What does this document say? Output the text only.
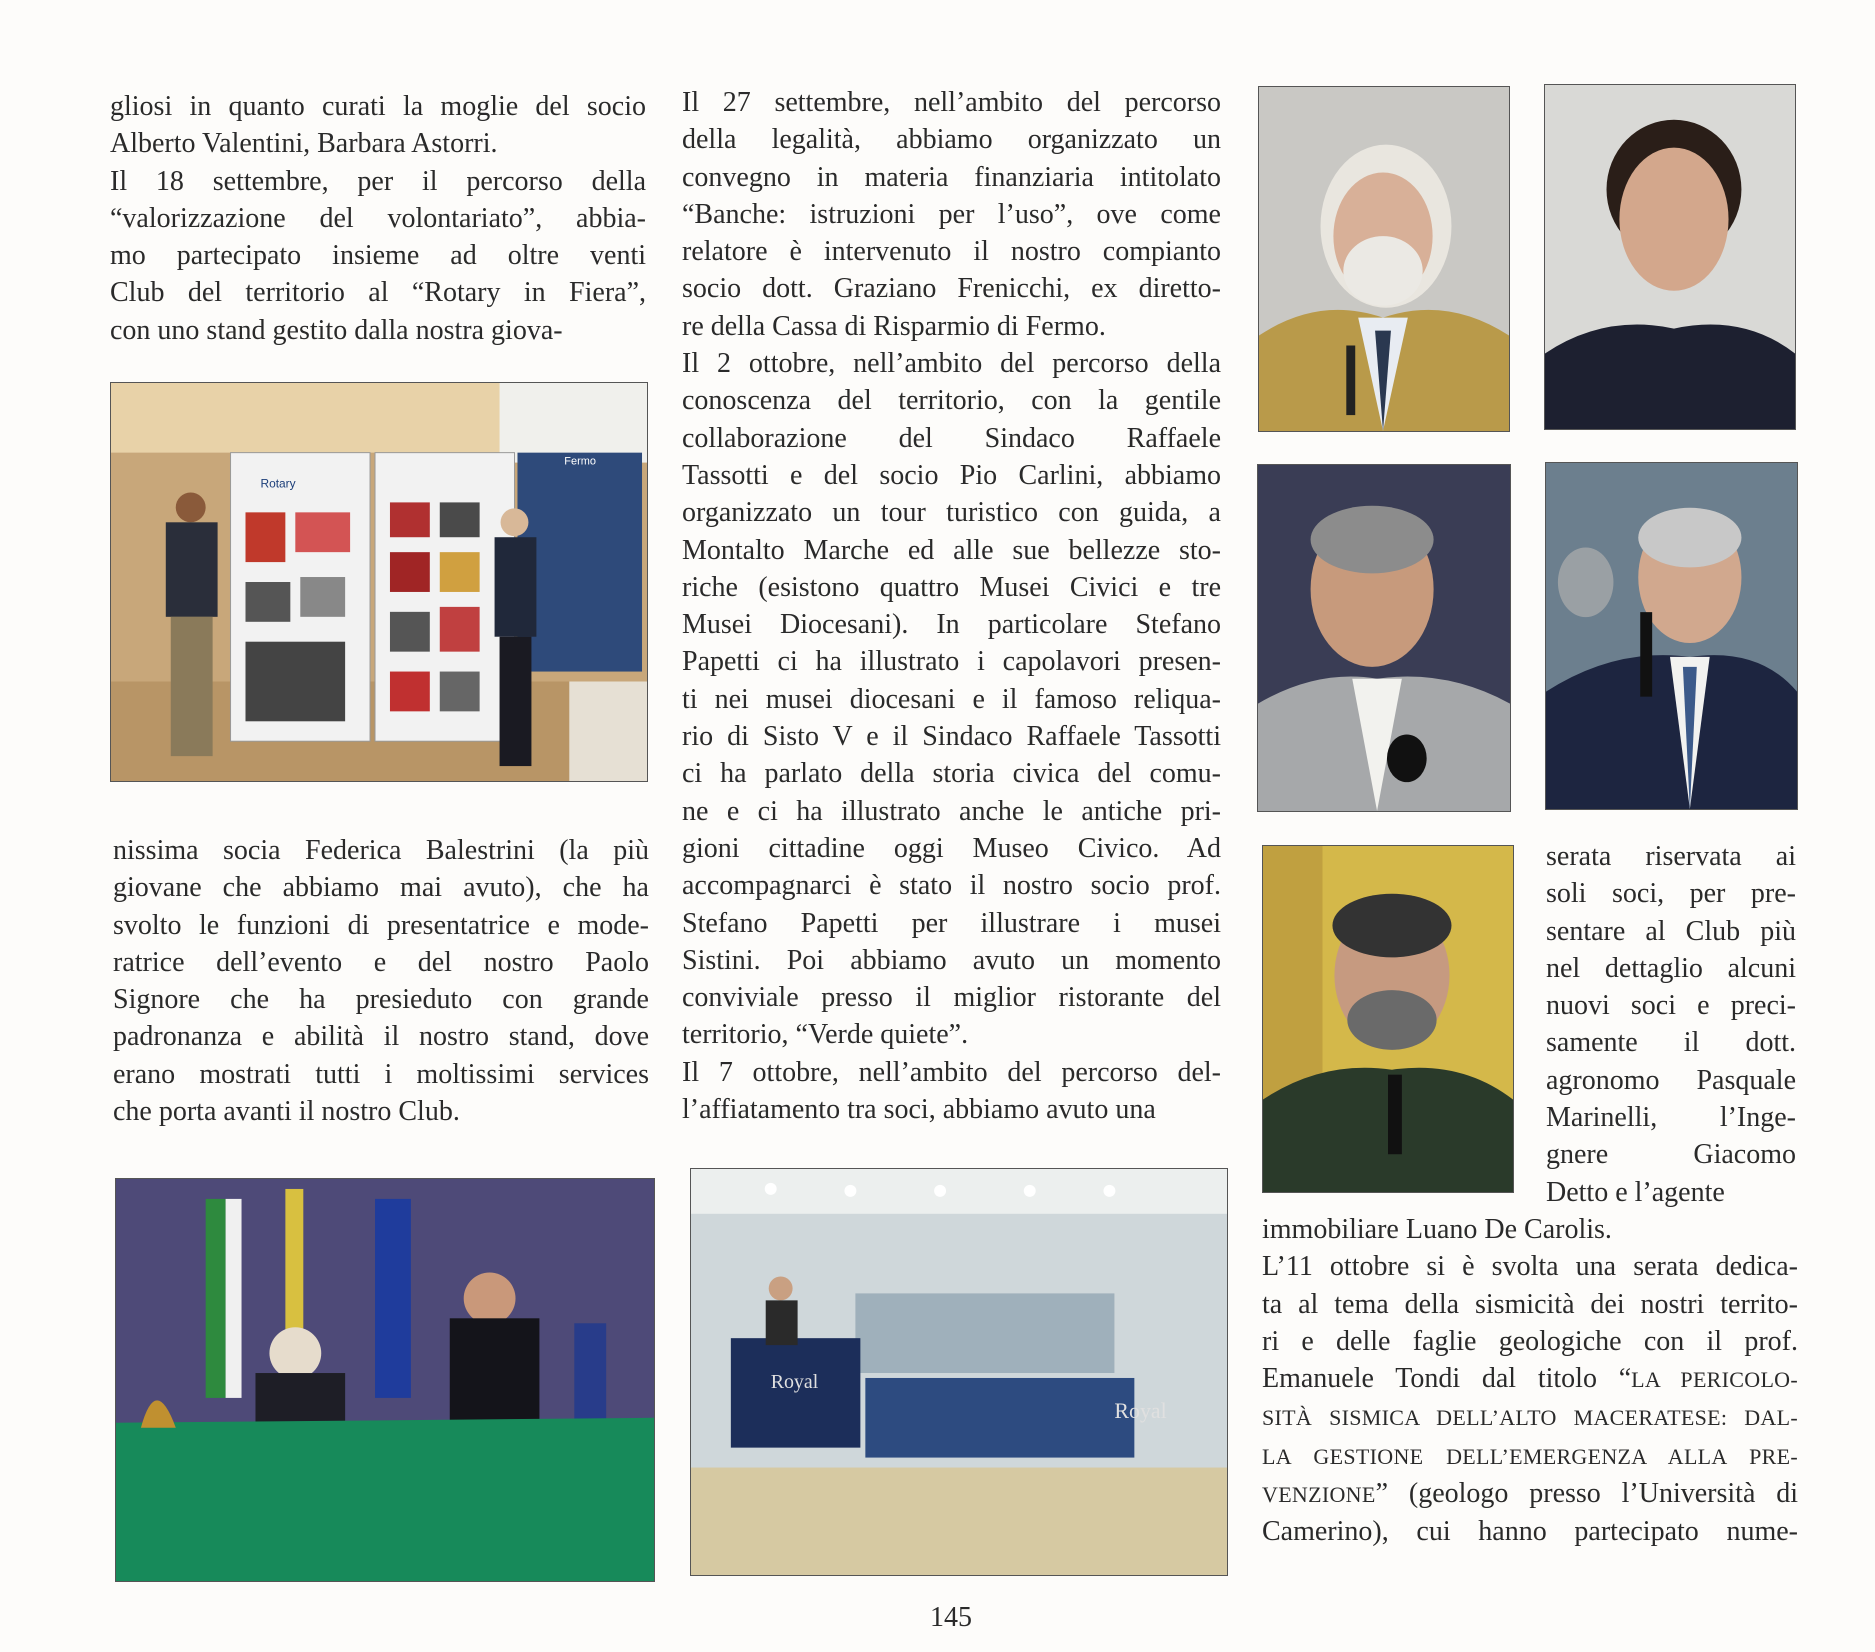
gliosi in quanto curati la moglie del socio

Alberto Valentini, Barbara Astorri.

Il 18 settembre, per il percorso della

“valorizzazione del volontariato”, abbia-

mo partecipato insieme ad oltre venti

Club del territorio al “Rotary in Fiera”,

con uno stand gestito dalla nostra giova-

nissima socia Federica Balestrini (la più

giovane che abbiamo mai avuto), che ha

svolto le funzioni di presentatrice e mode-

ratrice dell’evento e del nostro Paolo

Signore che ha presieduto con grande

padronanza e abilità il nostro stand, dove

erano mostrati tutti i moltissimi services

che porta avanti il nostro Club.

Il 27 settembre, nell’ambito del percorso

della legalità, abbiamo organizzato un

convegno in materia finanziaria intitolato

“Banche: istruzioni per l’uso”, ove come

relatore è intervenuto il nostro compianto

socio dott. Graziano Frenicchi, ex diretto-

re della Cassa di Risparmio di Fermo.

Il 2 ottobre, nell’ambito del percorso della

conoscenza del territorio, con la gentile

collaborazione del Sindaco Raffaele

Tassotti e del socio Pio Carlini, abbiamo

organizzato un tour turistico con guida, a

Montalto Marche ed alle sue bellezze sto-

riche (esistono quattro Musei Civici e tre

Musei Diocesani). In particolare Stefano

Papetti ci ha illustrato i capolavori presen-

ti nei musei diocesani e il famoso reliqua-

rio di Sisto V e il Sindaco Raffaele Tassotti

ci ha parlato della storia civica del comu-

ne e ci ha illustrato anche le antiche pri-

gioni cittadine oggi Museo Civico. Ad

accompagnarci è stato il nostro socio prof.

Stefano Papetti per illustrare i musei

Sistini. Poi abbiamo avuto un momento

conviviale presso il miglior ristorante del

territorio, “Verde quiete”.

Il 7 ottobre, nell’ambito del percorso del-

l’affiatamento tra soci, abbiamo avuto una

serata riservata ai

soli soci, per pre-

sentare al Club più

nel dettaglio alcuni

nuovi soci e preci-

samente il dott.

agronomo Pasquale

Marinelli, l’Inge-

gnere Giacomo

Detto e l’agente

immobiliare Luano De Carolis.

L’11 ottobre si è svolta una serata dedica-

ta al tema della sismicità dei nostri territo-

ri e delle faglie geologiche con il prof.

Emanuele Tondi dal titolo “LA PERICOLO-

SITÀ SISMICA DELL’ALTO MACERATESE: DAL-

LA GESTIONE DELL’EMERGENZA ALLA PRE-

VENZIONE” (geologo presso l’Università di

Camerino), cui hanno partecipato nume-

Rotary
Fermo
Royal
Royal
145
